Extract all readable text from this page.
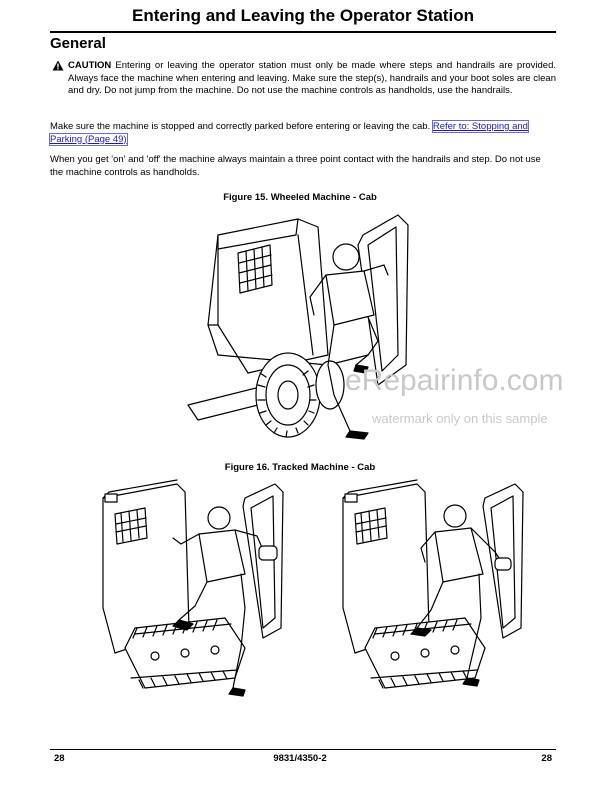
Entering and Leaving the Operator Station
General
CAUTION Entering or leaving the operator station must only be made where steps and handrails are provided. Always face the machine when entering and leaving. Make sure the step(s), handrails and your boot soles are clean and dry. Do not jump from the machine. Do not use the machine controls as handholds, use the handrails.
Make sure the machine is stopped and correctly parked before entering or leaving the cab. Refer to: Stopping and Parking (Page 49)
When you get 'on' and 'off' the machine always maintain a three point contact with the handrails and step. Do not use the machine controls as handholds.
Figure 15. Wheeled Machine - Cab
eRepairinfo.com
watermark only on this sample
Figure 16. Tracked Machine - Cab
28	9831/4350-2	28
